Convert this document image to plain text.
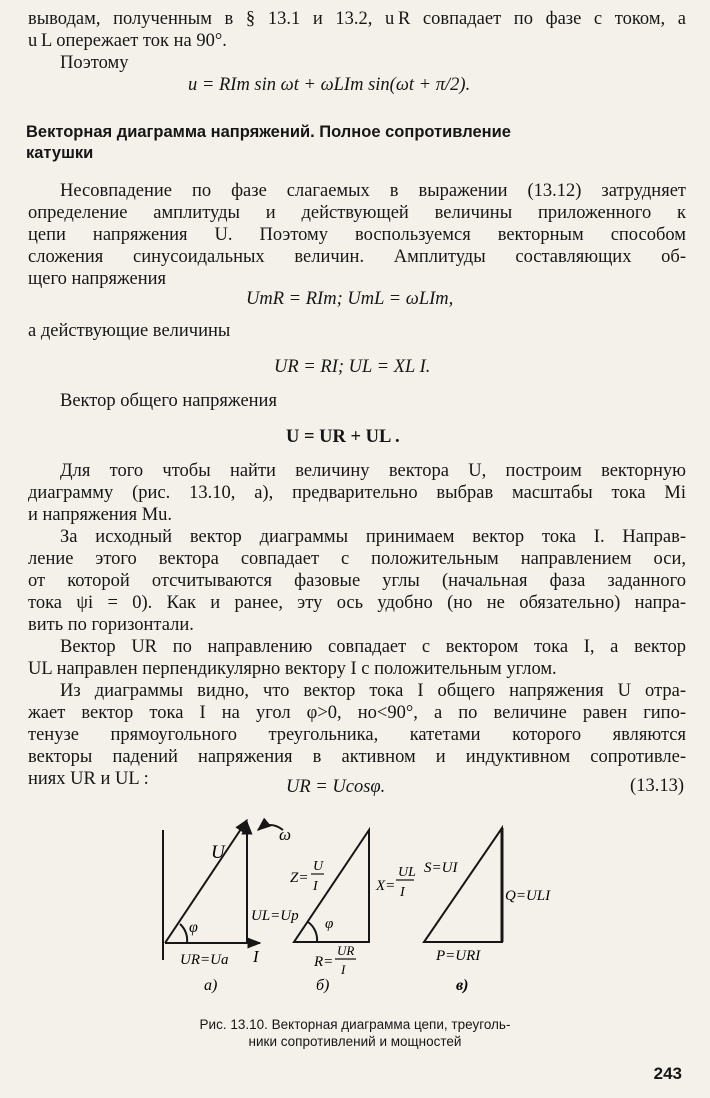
выводам, полученным в § 13.1 и 13.2, u R совпадает по фазе с током, а
u L опережает ток на 90°.
Поэтому
u = RIm sin ωt + ωLIm sin(ωt + π/2).
Векторная диаграмма напряжений. Полное сопротивление
катушки
Несовпадение по фазе слагаемых в выражении (13.12) затрудняет
определение амплитуды и действующей величины приложенного к
цепи напряжения U. Поэтому воспользуемся векторным способом
сложения синусоидальных величин. Амплитуды составляющих об-
щего напряжения
UmR = RIm; UmL = ωLIm,
а действующие величины
UR = RI; UL = XL I.
Вектор общего напряжения
U = UR + UL .
Для того чтобы найти величину вектора U, построим векторную
диаграмму (рис. 13.10, а), предварительно выбрав масштабы тока Mi
и напряжения Mu.
За исходный вектор диаграммы принимаем вектор тока I. Направ-
ление этого вектора совпадает с положительным направлением оси,
от которой отсчитываются фазовые углы (начальная фаза заданного
тока ψi = 0). Как и ранее, эту ось удобно (но не обязательно) напра-
вить по горизонтали.
Вектор UR по направлению совпадает с вектором тока I, а вектор
UL направлен перпендикулярно вектору I с положительным углом.
Из диаграммы видно, что вектор тока I общего напряжения U отра-
жает вектор тока I на угол φ>0, но<90°, а по величине равен гипо-
тенузе прямоугольного треугольника, катетами которого являются
векторы падений напряжения в активном и индуктивном сопротивле-
ниях UR и UL :	UR = Ucosφ.	(13.13)
U
ω
φ
UL=Up
UR=Ua I
а)
Z=
U
I	X=
UL
I
φ
R=
UR
I
б)
S=UI
Q=ULI
P=URI
в)
Рис. 13.10. Векторная диаграмма цепи, треуголь-
ники сопротивлений и мощностей
243
